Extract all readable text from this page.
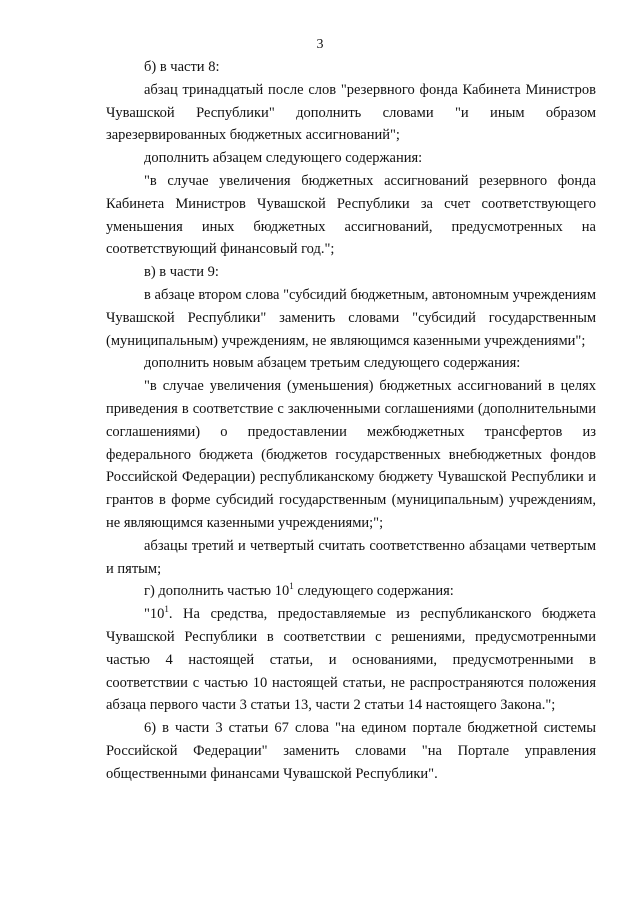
3

б) в части 8:

абзац тринадцатый после слов "резервного фонда Кабинета Министров Чувашской Республики" дополнить словами "и иным образом зарезервированных бюджетных ассигнований";

дополнить абзацем следующего содержания:

"в случае увеличения бюджетных ассигнований резервного фонда Кабинета Министров Чувашской Республики за счет соответствующего уменьшения иных бюджетных ассигнований, предусмотренных на соответствующий финансовый год.";

в) в части 9:

в абзаце втором слова "субсидий бюджетным, автономным учреждениям Чувашской Республики" заменить словами "субсидий государственным (муниципальным) учреждениям, не являющимся казенными учреждениями";

дополнить новым абзацем третьим следующего содержания:

"в случае увеличения (уменьшения) бюджетных ассигнований в целях приведения в соответствие с заключенными соглашениями (дополнительными соглашениями) о предоставлении межбюджетных трансфертов из федерального бюджета (бюджетов государственных внебюджетных фондов Российской Федерации) республиканскому бюджету Чувашской Республики и грантов в форме субсидий государственным (муниципальным) учреждениям, не являющимся казенными учреждениями;";

абзацы третий и четвертый считать соответственно абзацами четвертым и пятым;

г) дополнить частью $10^1$ следующего содержания:

"$10^1$. На средства, предоставляемые из республиканского бюджета Чувашской Республики в соответствии с решениями, предусмотренными частью 4 настоящей статьи, и основаниями, предусмотренными в соответствии с частью 10 настоящей статьи, не распространяются положения абзаца первого части 3 статьи 13, части 2 статьи 14 настоящего Закона.";

6) в части 3 статьи 67 слова "на едином портале бюджетной системы Российской Федерации" заменить словами "на Портале управления общественными финансами Чувашской Республики".
